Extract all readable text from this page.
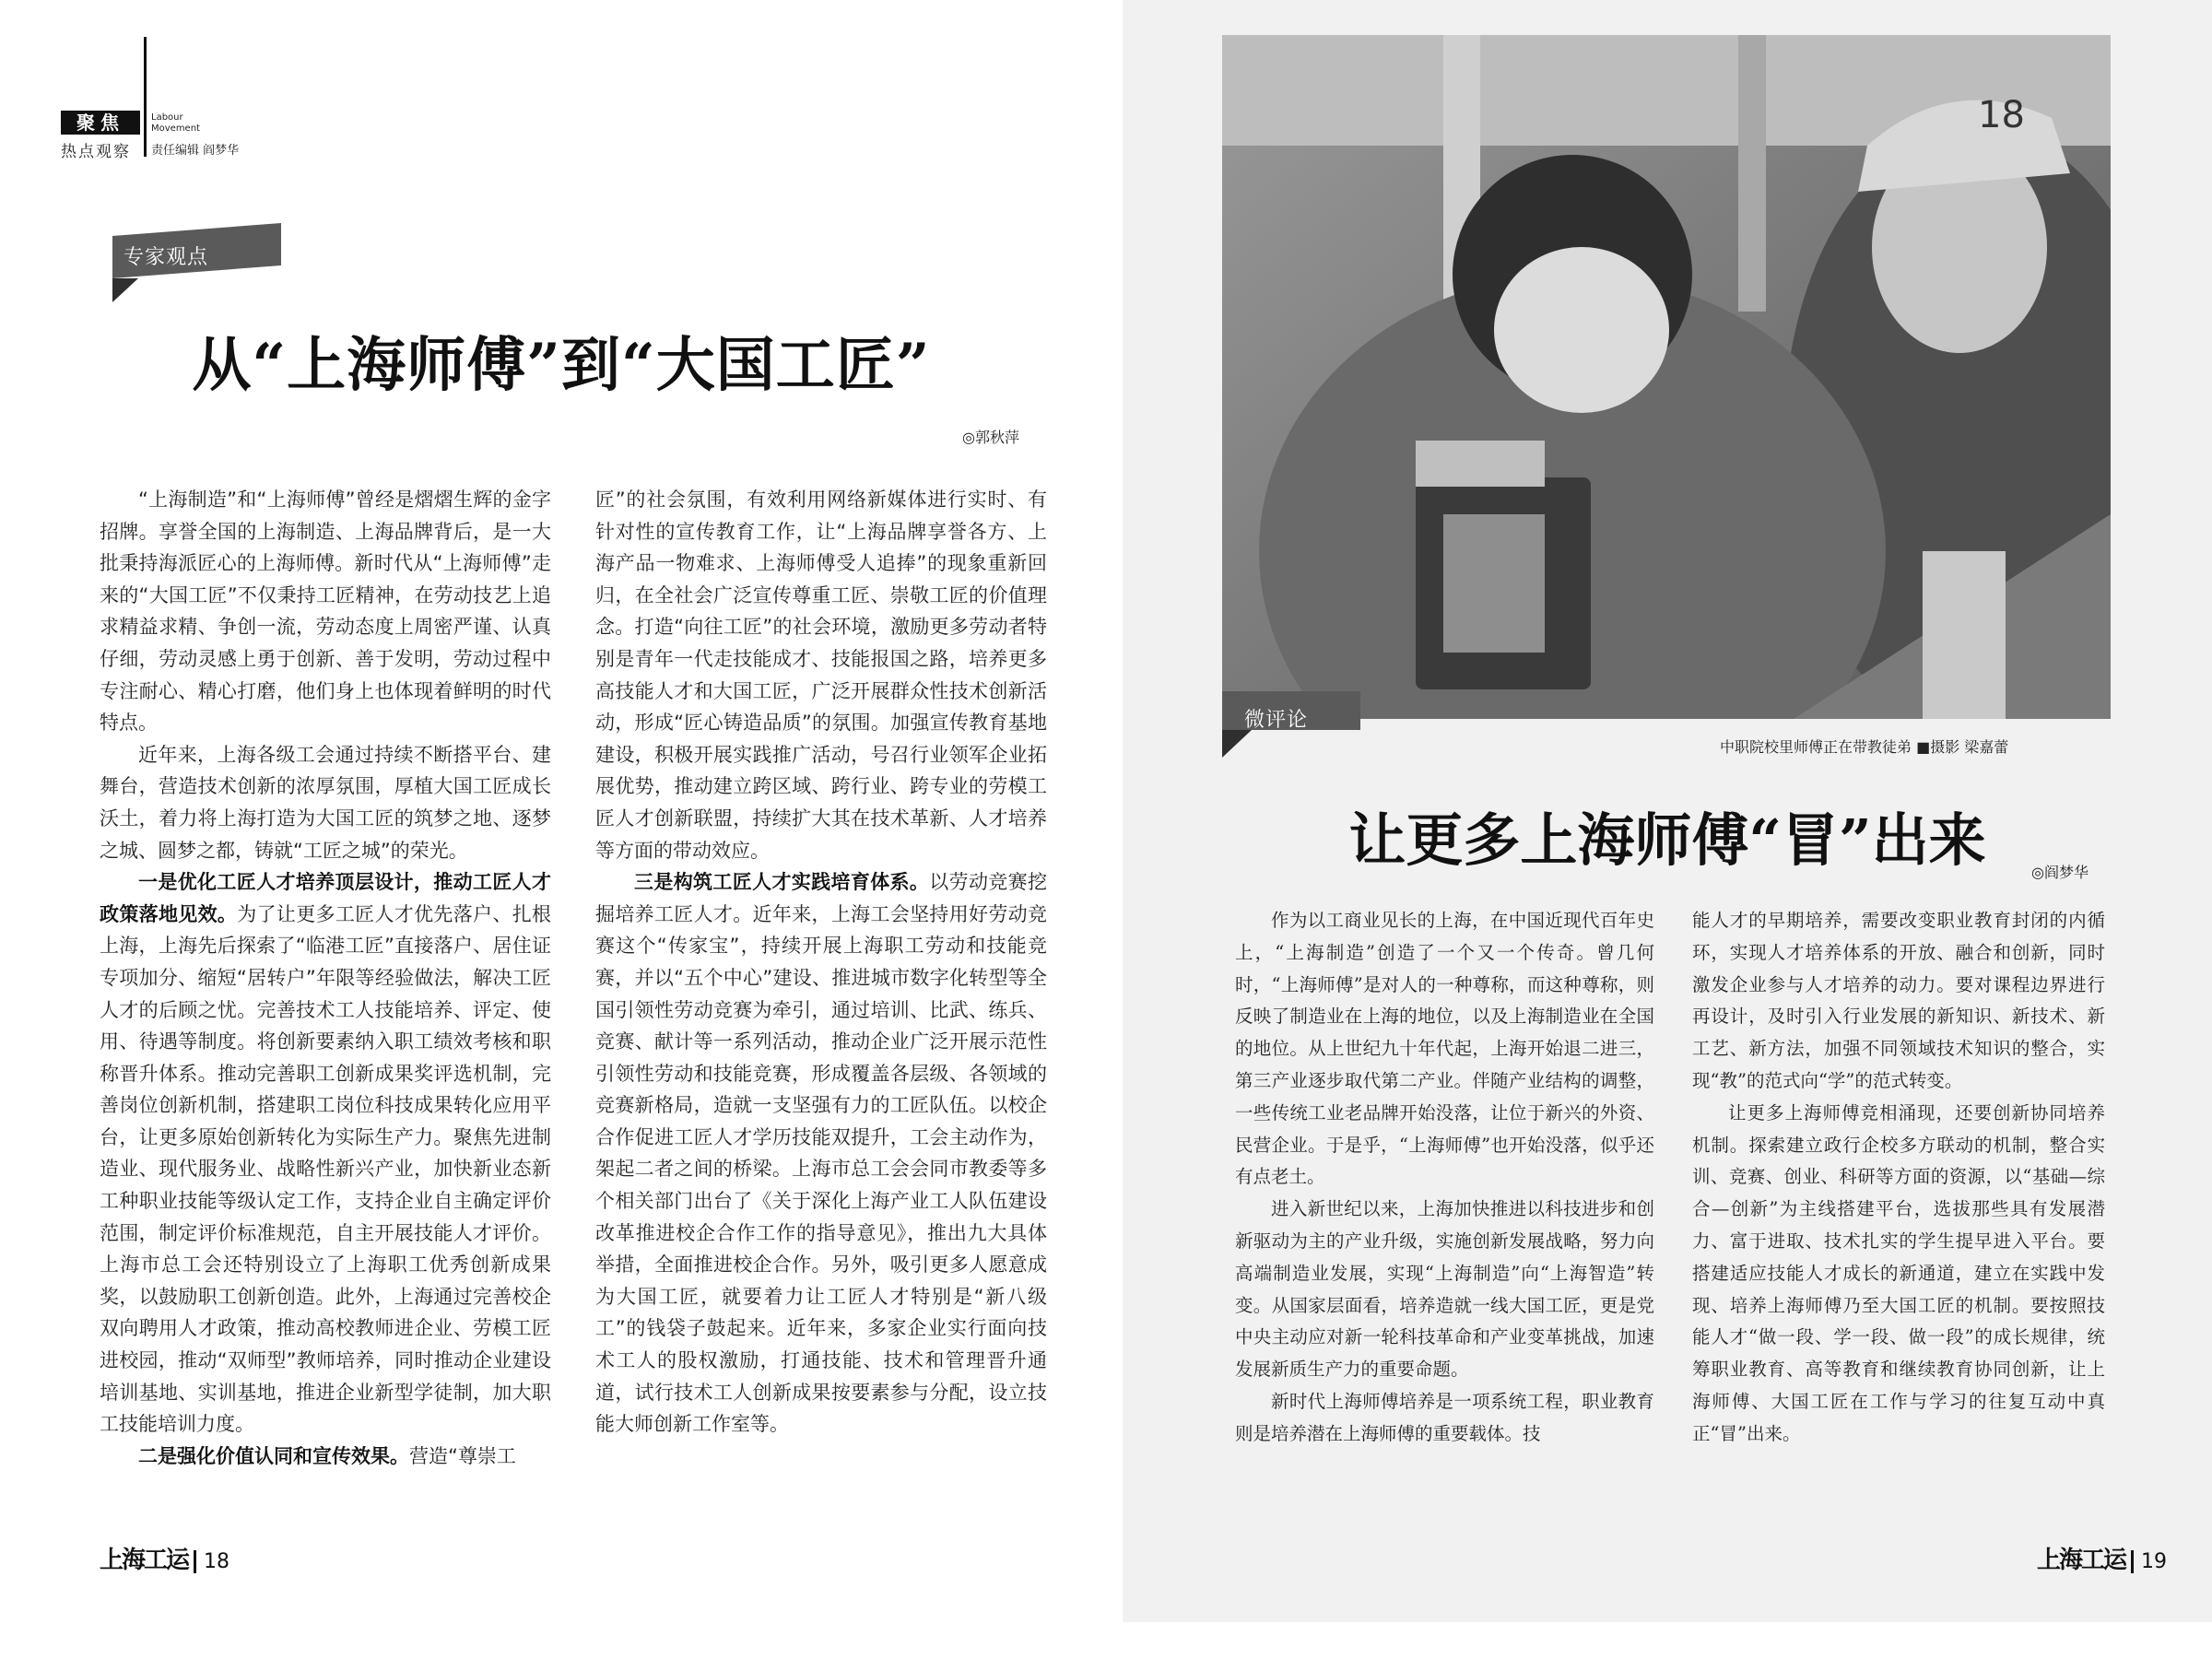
聚焦
热点观察
Labour
Movement
责任编辑 阎梦华
专家观点
从“上海师傅”到“大国工匠”
◎郭秋萍

“上海制造”和“上海师傅”曾经是熠熠生辉的金字招牌。享誉全国的上海制造、上海品牌背后，是一大批秉持海派匠心的上海师傅。新时代从“上海师傅”走来的“大国工匠”不仅秉持工匠精神，在劳动技艺上追求精益求精、争创一流，劳动态度上周密严谨、认真仔细，劳动灵感上勇于创新、善于发明，劳动过程中专注耐心、精心打磨，他们身上也体现着鲜明的时代特点。

近年来，上海各级工会通过持续不断搭平台、建舞台，营造技术创新的浓厚氛围，厚植大国工匠成长沃土，着力将上海打造为大国工匠的筑梦之地、逐梦之城、圆梦之都，铸就“工匠之城”的荣光。

一是优化工匠人才培养顶层设计，推动工匠人才政策落地见效。为了让更多工匠人才优先落户、扎根上海，上海先后探索了“临港工匠”直接落户、居住证专项加分、缩短“居转户”年限等经验做法，解决工匠人才的后顾之忧。完善技术工人技能培养、评定、使用、待遇等制度。将创新要素纳入职工绩效考核和职称晋升体系。推动完善职工创新成果奖评选机制，完善岗位创新机制，搭建职工岗位科技成果转化应用平台，让更多原始创新转化为实际生产力。聚焦先进制造业、现代服务业、战略性新兴产业，加快新业态新工种职业技能等级认定工作，支持企业自主确定评价范围，制定评价标准规范，自主开展技能人才评价。上海市总工会还特别设立了上海职工优秀创新成果奖，以鼓励职工创新创造。此外，上海通过完善校企双向聘用人才政策，推动高校教师进企业、劳模工匠进校园，推动“双师型”教师培养，同时推动企业建设培训基地、实训基地，推进企业新型学徒制，加大职工技能培训力度。

二是强化价值认同和宣传效果。营造“尊崇工

匠”的社会氛围，有效利用网络新媒体进行实时、有针对性的宣传教育工作，让“上海品牌享誉各方、上海产品一物难求、上海师傅受人追捧”的现象重新回归，在全社会广泛宣传尊重工匠、崇敬工匠的价值理念。打造“向往工匠”的社会环境，激励更多劳动者特别是青年一代走技能成才、技能报国之路，培养更多高技能人才和大国工匠，广泛开展群众性技术创新活动，形成“匠心铸造品质”的氛围。加强宣传教育基地建设，积极开展实践推广活动，号召行业领军企业拓展优势，推动建立跨区域、跨行业、跨专业的劳模工匠人才创新联盟，持续扩大其在技术革新、人才培养等方面的带动效应。

三是构筑工匠人才实践培育体系。以劳动竞赛挖掘培养工匠人才。近年来，上海工会坚持用好劳动竞赛这个“传家宝”，持续开展上海职工劳动和技能竞赛，并以“五个中心”建设、推进城市数字化转型等全国引领性劳动竞赛为牵引，通过培训、比武、练兵、竞赛、献计等一系列活动，推动企业广泛开展示范性引领性劳动和技能竞赛，形成覆盖各层级、各领域的竞赛新格局，造就一支坚强有力的工匠队伍。以校企合作促进工匠人才学历技能双提升，工会主动作为，架起二者之间的桥梁。上海市总工会会同市教委等多个相关部门出台了《关于深化上海产业工人队伍建设改革推进校企合作工作的指导意见》，推出九大具体举措，全面推进校企合作。另外，吸引更多人愿意成为大国工匠，就要着力让工匠人才特别是“新八级工”的钱袋子鼓起来。近年来，多家企业实行面向技术工人的股权激励，打通技能、技术和管理晋升通道，试行技术工人创新成果按要素参与分配，设立技能大师创新工作室等。

18
微评论
中职院校里师傅正在带教徒弟 ■摄影 梁嘉蕾
让更多上海师傅“冒”出来	◎阎梦华

作为以工商业见长的上海，在中国近现代百年史上，“上海制造”创造了一个又一个传奇。曾几何时，“上海师傅”是对人的一种尊称，而这种尊称，则反映了制造业在上海的地位，以及上海制造业在全国的地位。从上世纪九十年代起，上海开始退二进三，第三产业逐步取代第二产业。伴随产业结构的调整，一些传统工业老品牌开始没落，让位于新兴的外资、民营企业。于是乎，“上海师傅”也开始没落，似乎还有点老土。

进入新世纪以来，上海加快推进以科技进步和创新驱动为主的产业升级，实施创新发展战略，努力向高端制造业发展，实现“上海制造”向“上海智造”转变。从国家层面看，培养造就一线大国工匠，更是党中央主动应对新一轮科技革命和产业变革挑战，加速发展新质生产力的重要命题。

新时代上海师傅培养是一项系统工程，职业教育则是培养潜在上海师傅的重要载体。技

能人才的早期培养，需要改变职业教育封闭的内循环，实现人才培养体系的开放、融合和创新，同时激发企业参与人才培养的动力。要对课程边界进行再设计，及时引入行业发展的新知识、新技术、新工艺、新方法，加强不同领域技术知识的整合，实现“教”的范式向“学”的范式转变。

让更多上海师傅竞相涌现，还要创新协同培养机制。探索建立政行企校多方联动的机制，整合实训、竞赛、创业、科研等方面的资源，以“基础—综合—创新”为主线搭建平台，选拔那些具有发展潜力、富于进取、技术扎实的学生提早进入平台。要搭建适应技能人才成长的新通道，建立在实践中发现、培养上海师傅乃至大国工匠的机制。要按照技能人才“做一段、学一段、做一段”的成长规律，统筹职业教育、高等教育和继续教育协同创新，让上海师傅、大国工匠在工作与学习的往复互动中真正“冒”出来。

上海工运 18	上海工运 19
